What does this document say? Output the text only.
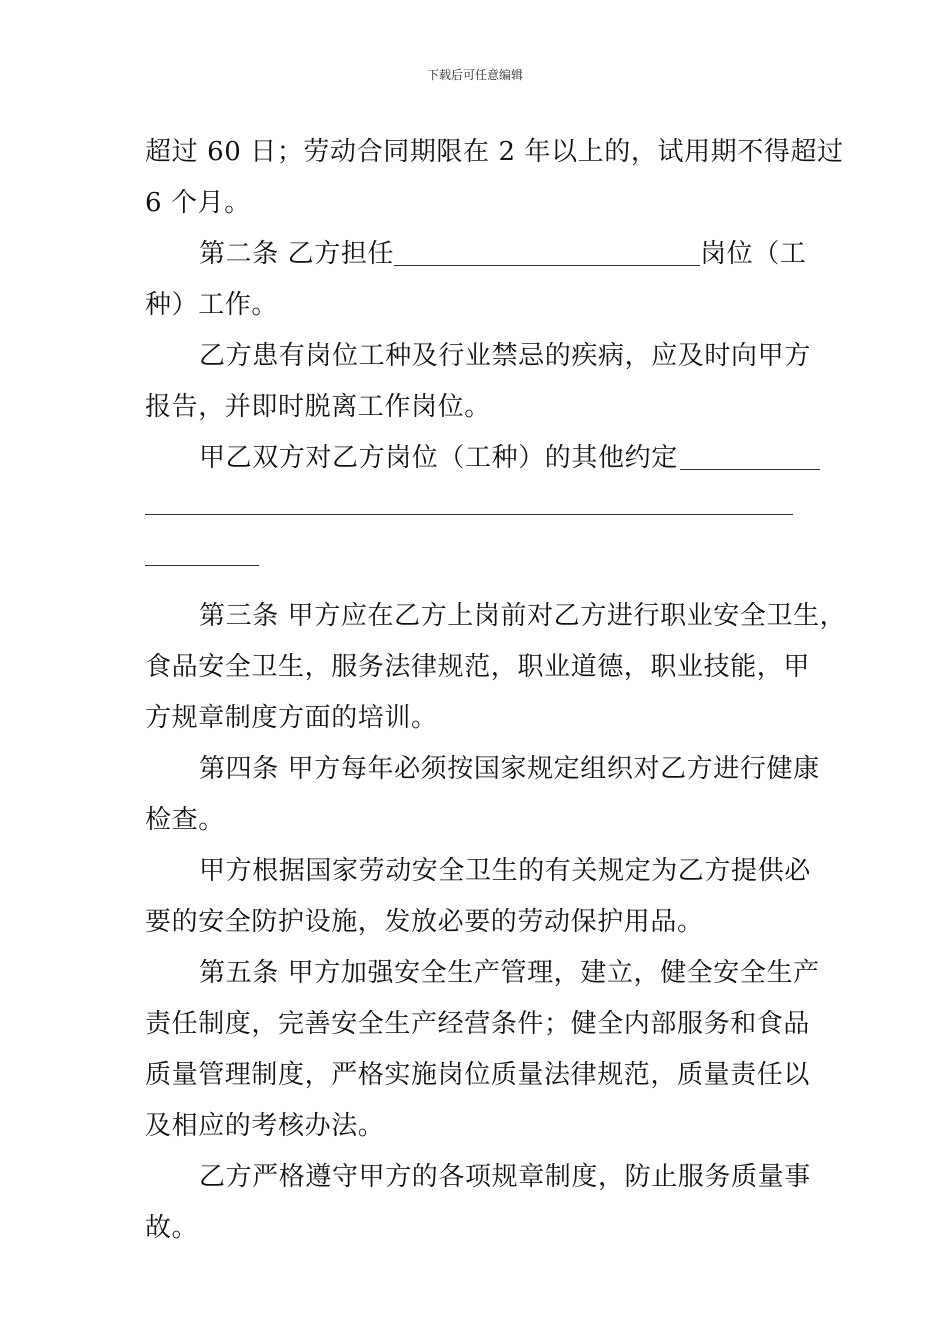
下载后可任意编辑
超过 60 日；劳动合同期限在 2 年以上的，试用期不得超过
6 个月。
第二条 乙方担任	岗位（工
种）工作。
乙方患有岗位工种及行业禁忌的疾病，应及时向甲方
报告，并即时脱离工作岗位。
甲乙双方对乙方岗位（工种）的其他约定
第三条 甲方应在乙方上岗前对乙方进行职业安全卫生，
食品安全卫生，服务法律规范，职业道德，职业技能，甲
方规章制度方面的培训。
第四条 甲方每年必须按国家规定组织对乙方进行健康
检查。
甲方根据国家劳动安全卫生的有关规定为乙方提供必
要的安全防护设施，发放必要的劳动保护用品。
第五条 甲方加强安全生产管理，建立，健全安全生产
责任制度，完善安全生产经营条件；健全内部服务和食品
质量管理制度，严格实施岗位质量法律规范，质量责任以
及相应的考核办法。
乙方严格遵守甲方的各项规章制度，防止服务质量事
故。
